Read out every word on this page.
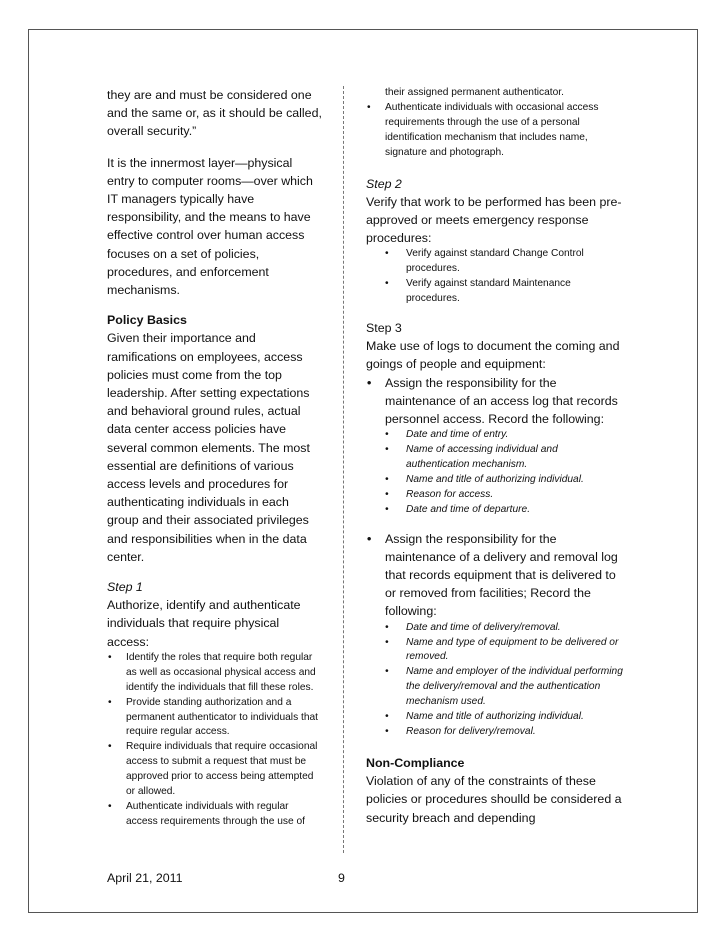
they are and must be considered one and the same or, as it should be called, overall security.”

It is the innermost layer—physical entry to computer rooms—over which IT managers typically have responsibility, and the means to have effective control over human access focuses on a set of policies, procedures, and enforcement mechanisms.

Policy Basics

Given their importance and ramifications on employees, access policies must come from the top leadership. After setting expectations and behavioral ground rules, actual data center access policies have several common elements. The most essential are definitions of various access levels and procedures for authenticating individuals in each group and their associated privileges and responsibilities when in the data center.

Step 1

Authorize, identify and authenticate individuals that require physical access:

• Identify the roles that require both regular as well as occasional physical access and identify the individuals that fill these roles.
• Provide standing authorization and a permanent authenticator to individuals that require regular access.
• Require individuals that require occasional access to submit a request that must be approved prior to access being attempted or allowed.
• Authenticate individuals with regular access requirements through the use of

their assigned permanent authenticator.

• Authenticate individuals with occasional access requirements through the use of a personal identification mechanism that includes name, signature and photograph.

Step 2

Verify that work to be performed has been pre-approved or meets emergency response procedures:

• Verify against standard Change Control procedures.
• Verify against standard Maintenance procedures.

Step 3

Make use of logs to document the coming and goings of people and equipment:

• Assign the responsibility for the maintenance of an access log that records personnel access. Record the following:
• Date and time of entry.
• Name of accessing individual and authentication mechanism.
• Name and title of authorizing individual.
• Reason for access.
• Date and time of departure.
• Assign the responsibility for the maintenance of a delivery and removal log that records equipment that is delivered to or removed from facilities; Record the following:
• Date and time of delivery/removal.
• Name and type of equipment to be delivered or removed.
• Name and employer of the individual performing the delivery/removal and the authentication mechanism used.
• Name and title of authorizing individual.
• Reason for delivery/removal.

Non-Compliance

Violation of any of the constraints of these policies or procedures shoulld be considered a security breach and depending

April 21, 2011	9
